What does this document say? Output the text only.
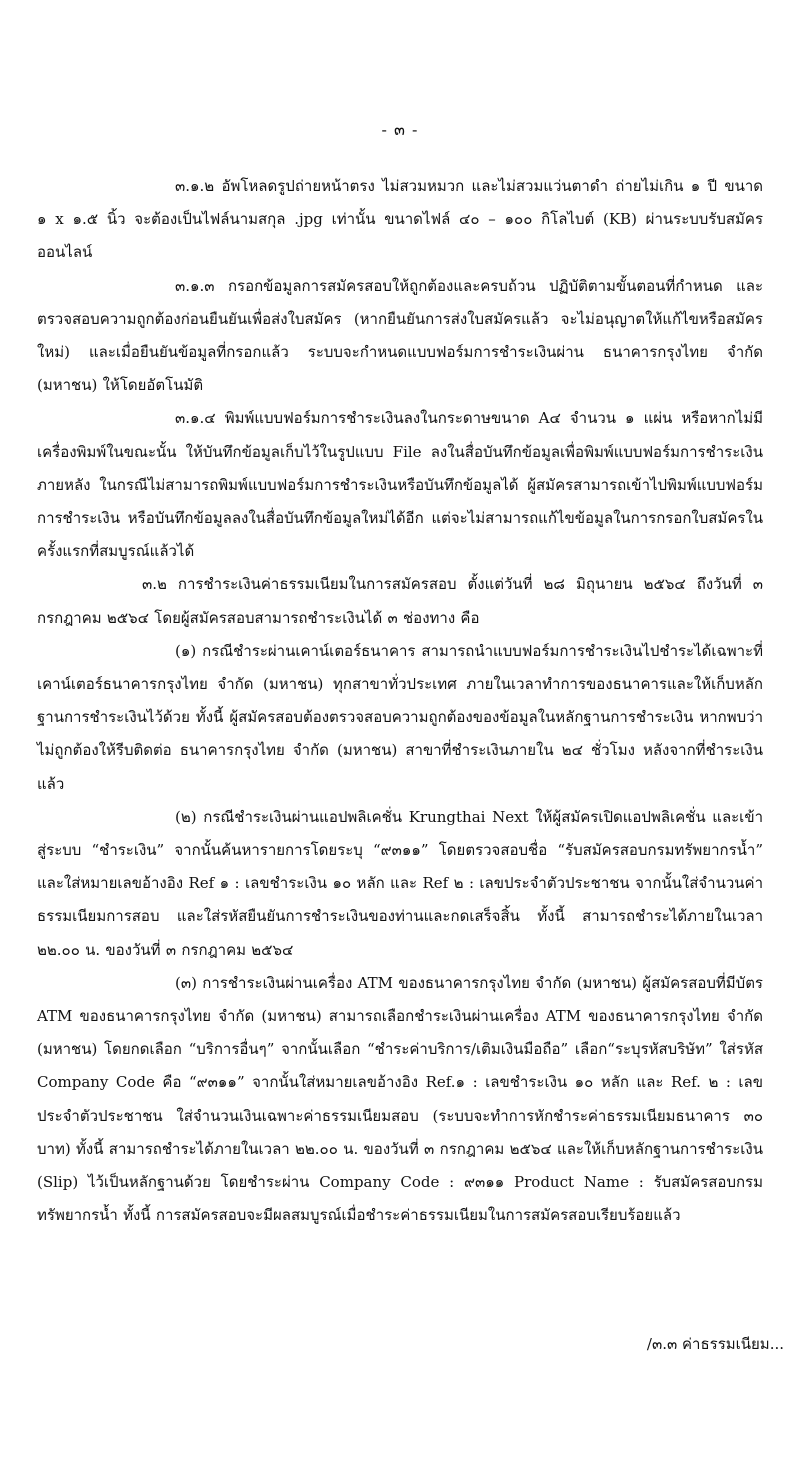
- ๓ -

๓.๑.๒ อัพโหลดรูปถ่ายหน้าตรง ไม่สวมหมวก และไม่สวมแว่นตาดำ ถ่ายไม่เกิน ๑ ปี ขนาด ๑ x ๑.๕ นิ้ว จะต้องเป็นไฟล์นามสกุล .jpg เท่านั้น ขนาดไฟล์ ๔๐ – ๑๐๐ กิโลไบต์ (KB) ผ่านระบบรับสมัครออนไลน์

๓.๑.๓ กรอกข้อมูลการสมัครสอบให้ถูกต้องและครบถ้วน ปฏิบัติตามขั้นตอนที่กำหนด และตรวจสอบความถูกต้องก่อนยืนยันเพื่อส่งใบสมัคร (หากยืนยันการส่งใบสมัครแล้ว จะไม่อนุญาตให้แก้ไขหรือสมัครใหม่) และเมื่อยืนยันข้อมูลที่กรอกแล้ว ระบบจะกำหนดแบบฟอร์มการชำระเงินผ่าน ธนาคารกรุงไทย จำกัด (มหาชน) ให้โดยอัตโนมัติ

๓.๑.๔ พิมพ์แบบฟอร์มการชำระเงินลงในกระดาษขนาด A๔ จำนวน ๑ แผ่น หรือหากไม่มีเครื่องพิมพ์ในขณะนั้น ให้บันทึกข้อมูลเก็บไว้ในรูปแบบ File ลงในสื่อบันทึกข้อมูลเพื่อพิมพ์แบบฟอร์มการชำระเงินภายหลัง ในกรณีไม่สามารถพิมพ์แบบฟอร์มการชำระเงินหรือบันทึกข้อมูลได้ ผู้สมัครสามารถเข้าไปพิมพ์แบบฟอร์มการชำระเงิน หรือบันทึกข้อมูลลงในสื่อบันทึกข้อมูลใหม่ได้อีก แต่จะไม่สามารถแก้ไขข้อมูลในการกรอกใบสมัครในครั้งแรกที่สมบูรณ์แล้วได้

๓.๒ การชำระเงินค่าธรรมเนียมในการสมัครสอบ ตั้งแต่วันที่ ๒๘ มิถุนายน ๒๕๖๔ ถึงวันที่ ๓ กรกฎาคม ๒๕๖๔ โดยผู้สมัครสอบสามารถชำระเงินได้ ๓ ช่องทาง คือ

(๑) กรณีชำระผ่านเคาน์เตอร์ธนาคาร สามารถนำแบบฟอร์มการชำระเงินไปชำระได้เฉพาะที่เคาน์เตอร์ธนาคารกรุงไทย จำกัด (มหาชน) ทุกสาขาทั่วประเทศ ภายในเวลาทำการของธนาคารและให้เก็บหลักฐานการชำระเงินไว้ด้วย ทั้งนี้ ผู้สมัครสอบต้องตรวจสอบความถูกต้องของข้อมูลในหลักฐานการชำระเงิน หากพบว่าไม่ถูกต้องให้รีบติดต่อ ธนาคารกรุงไทย จำกัด (มหาชน) สาขาที่ชำระเงินภายใน ๒๔ ชั่วโมง หลังจากที่ชำระเงินแล้ว

(๒) กรณีชำระเงินผ่านแอปพลิเคชั่น Krungthai Next ให้ผู้สมัครเปิดแอปพลิเคชั่น และเข้าสู่ระบบ “ชำระเงิน” จากนั้นค้นหารายการโดยระบุ “๙๓๑๑” โดยตรวจสอบชื่อ “รับสมัครสอบกรมทรัพยากรน้ำ” และใส่หมายเลขอ้างอิง Ref ๑ : เลขชำระเงิน ๑๐ หลัก และ Ref ๒ : เลขประจำตัวประชาชน จากนั้นใส่จำนวนค่าธรรมเนียมการสอบ และใส่รหัสยืนยันการชำระเงินของท่านและกดเสร็จสิ้น ทั้งนี้ สามารถชำระได้ภายในเวลา ๒๒.๐๐ น. ของวันที่ ๓ กรกฎาคม ๒๕๖๔

(๓) การชำระเงินผ่านเครื่อง ATM ของธนาคารกรุงไทย จำกัด (มหาชน) ผู้สมัครสอบที่มีบัตร ATM ของธนาคารกรุงไทย จำกัด (มหาชน) สามารถเลือกชำระเงินผ่านเครื่อง ATM ของธนาคารกรุงไทย จำกัด (มหาชน) โดยกดเลือก “บริการอื่นๆ” จากนั้นเลือก “ชำระค่าบริการ/เติมเงินมือถือ” เลือก“ระบุรหัสบริษัท” ใส่รหัส Company Code คือ “๙๓๑๑” จากนั้นใส่หมายเลขอ้างอิง Ref.๑ : เลขชำระเงิน ๑๐ หลัก และ Ref. ๒ : เลขประจำตัวประชาชน ใส่จำนวนเงินเฉพาะค่าธรรมเนียมสอบ (ระบบจะทำการหักชำระค่าธรรมเนียมธนาคาร ๓๐ บาท) ทั้งนี้ สามารถชำระได้ภายในเวลา ๒๒.๐๐ น. ของวันที่ ๓ กรกฎาคม ๒๕๖๔ และให้เก็บหลักฐานการชำระเงิน (Slip) ไว้เป็นหลักฐานด้วย โดยชำระผ่าน Company Code : ๙๓๑๑ Product Name : รับสมัครสอบกรมทรัพยากรน้ำ ทั้งนี้ การสมัครสอบจะมีผลสมบูรณ์เมื่อชำระค่าธรรมเนียมในการสมัครสอบเรียบร้อยแล้ว

/๓.๓ ค่าธรรมเนียม...
